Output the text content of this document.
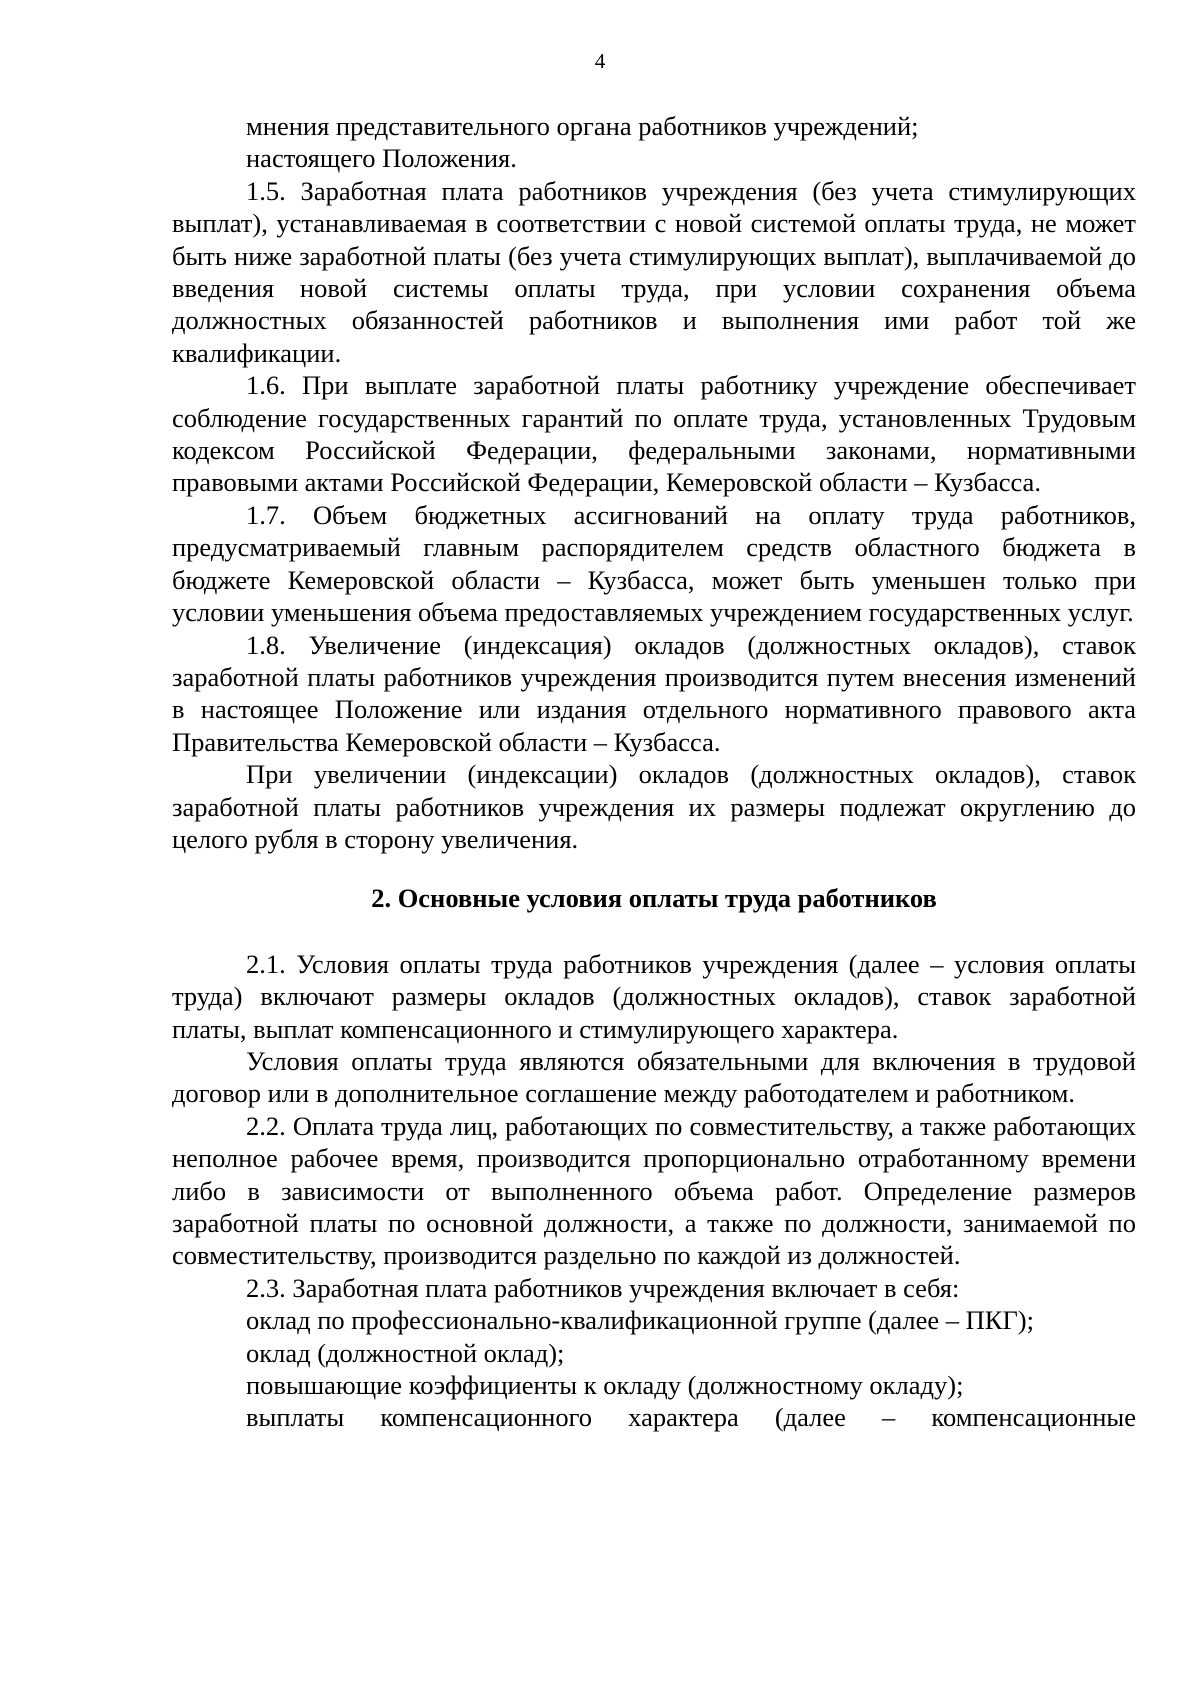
4

мнения представительного органа работников учреждений;

настоящего Положения.

1.5. Заработная плата работников учреждения (без учета стимулирующих выплат), устанавливаемая в соответствии с новой системой оплаты труда, не может быть ниже заработной платы (без учета стимулирующих выплат), выплачиваемой до введения новой системы оплаты труда, при условии сохранения объема должностных обязанностей работников и выполнения ими работ той же квалификации.

1.6. При выплате заработной платы работнику учреждение обеспечивает соблюдение государственных гарантий по оплате труда, установленных Трудовым кодексом Российской Федерации, федеральными законами, нормативными правовыми актами Российской Федерации, Кемеровской области – Кузбасса.

1.7. Объем бюджетных ассигнований на оплату труда работников, предусматриваемый главным распорядителем средств областного бюджета в бюджете Кемеровской области – Кузбасса, может быть уменьшен только при условии уменьшения объема предоставляемых учреждением государственных услуг.

1.8. Увеличение (индексация) окладов (должностных окладов), ставок заработной платы работников учреждения производится путем внесения изменений в настоящее Положение или издания отдельного нормативного правового акта Правительства Кемеровской области – Кузбасса.

При увеличении (индексации) окладов (должностных окладов), ставок заработной платы работников учреждения их размеры подлежат округлению до целого рубля в сторону увеличения.

2. Основные условия оплаты труда работников

2.1. Условия оплаты труда работников учреждения (далее – условия оплаты труда) включают размеры окладов (должностных окладов), ставок заработной платы, выплат компенсационного и стимулирующего характера.

Условия оплаты труда являются обязательными для включения в трудовой договор или в дополнительное соглашение между работодателем и работником.

2.2. Оплата труда лиц, работающих по совместительству, а также работающих неполное рабочее время, производится пропорционально отработанному времени либо в зависимости от выполненного объема работ. Определение размеров заработной платы по основной должности, а также по должности, занимаемой по совместительству, производится раздельно по каждой из должностей.

2.3. Заработная плата работников учреждения включает в себя:

оклад по профессионально-квалификационной группе (далее – ПКГ);

оклад (должностной оклад);

повышающие коэффициенты к окладу (должностному окладу);

выплаты компенсационного характера (далее – компенсационные
